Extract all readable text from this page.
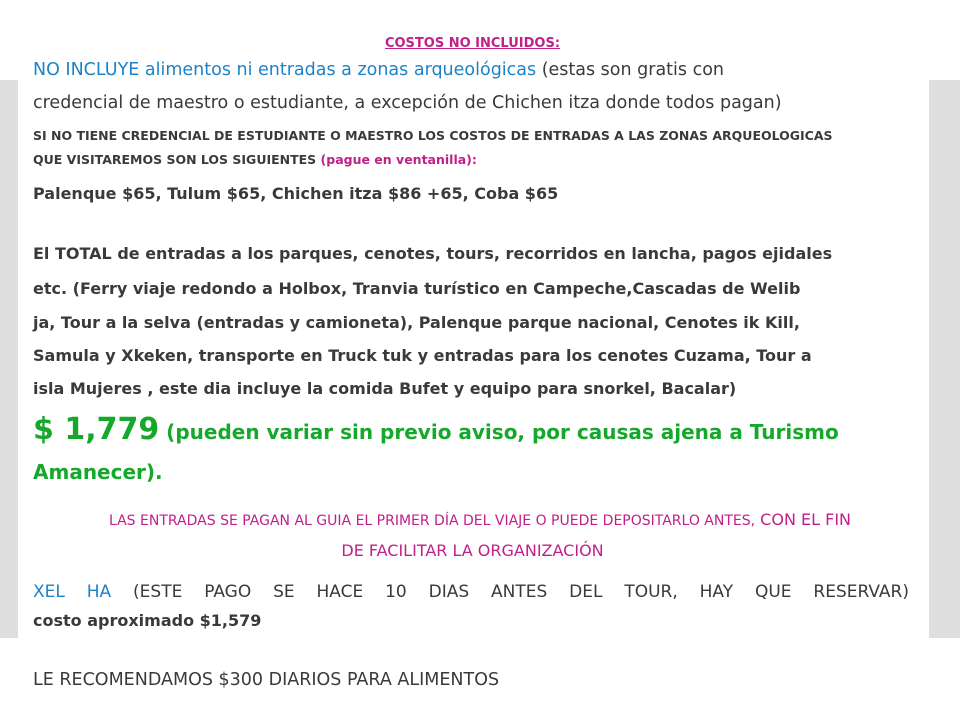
COSTOS NO INCLUIDOS:
NO INCLUYE alimentos ni entradas a zonas arqueológicas (estas son gratis con
credencial de maestro o estudiante, a excepción de Chichen itza donde todos pagan)
SI NO TIENE CREDENCIAL DE ESTUDIANTE O MAESTRO LOS COSTOS DE ENTRADAS A LAS ZONAS ARQUEOLOGICAS
QUE VISITAREMOS SON LOS SIGUIENTES (pague en ventanilla):
Palenque $65, Tulum $65, Chichen itza $86 +65, Coba $65
El TOTAL de entradas a los parques, cenotes, tours, recorridos en lancha, pagos ejidales
etc. (Ferry viaje redondo a Holbox, Tranvia turístico en Campeche,Cascadas de Welib
ja, Tour a la selva (entradas y camioneta), Palenque parque nacional, Cenotes ik Kill,
Samula y Xkeken, transporte en Truck tuk y entradas para los cenotes Cuzama, Tour a
isla Mujeres , este dia incluye la comida Bufet y equipo para snorkel, Bacalar)
$ 1,779 (pueden variar sin previo aviso, por causas ajena a Turismo
Amanecer).
LAS ENTRADAS SE PAGAN AL GUIA EL PRIMER DÍA DEL VIAJE O PUEDE DEPOSITARLO ANTES, CON EL FIN
DE FACILITAR LA ORGANIZACIÓN
XEL HA (ESTE PAGO SE HACE 10 DIAS ANTES DEL TOUR, HAY QUE RESERVAR)
costo aproximado $1,579
LE RECOMENDAMOS $300 DIARIOS PARA ALIMENTOS
